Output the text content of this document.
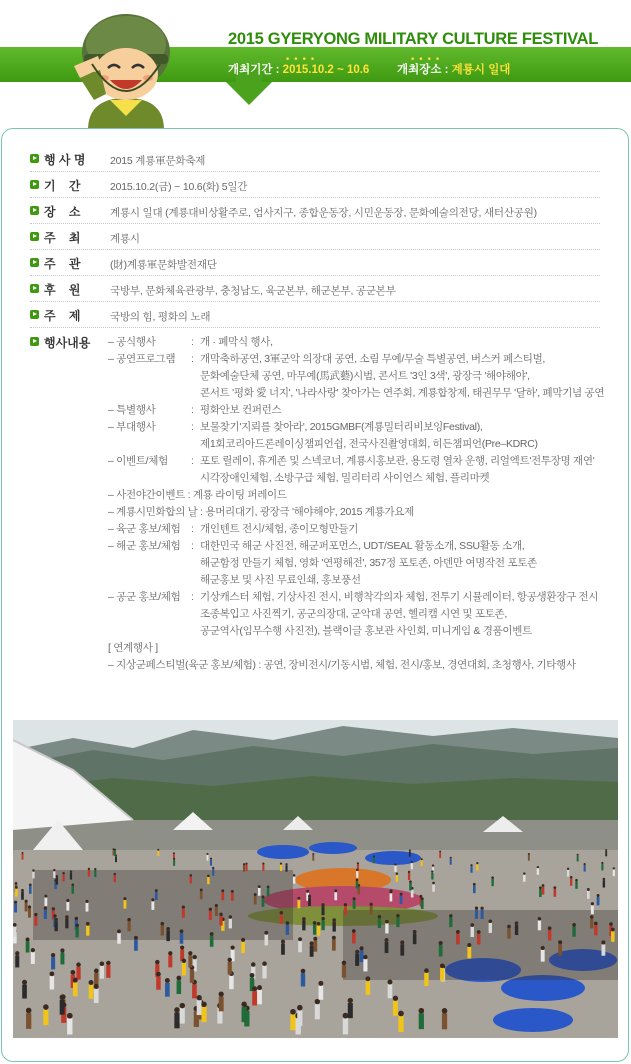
2015 GYERYONG MILITARY CULTURE FESTIVAL
••••	••••
개최기간 : 2015.10.2 ~ 10.6 개최장소 : 계룡시 일대
행 사 명 2015 계룡軍문화축제
기    간	2015.10.2(금) ~ 10.6(화) 5일간
장    소	계룡시 일대 (계룡대비상활주로, 엄사지구, 종합운동장, 시민운동장, 문화예술의전당, 새터산공원)
주    최	계룡시
주    관	(財)계룡軍문화발전재단
후    원	국방부, 문화체육관광부, 충청남도, 육군본부, 해군본부, 공군본부
주    제	국방의 힘, 평화의 노래
행사내용 – 공식행사	: 개 · 폐막식 행사,
– 공연프로그램 : 개막축하공연, 3軍군악 의장대 공연, 소림 무예/무술 특별공연, 버스커 페스티벌,
문화예술단체 공연, 마무예(馬武藝)시범, 콘서트 '3인 3색', 광장극 '해야해야',
콘서트 '평화 愛 너지', '나라사랑' 찾아가는 연주회, 계룡합창제, 태권무무 '달하', 폐막기념 공연
– 특별행사	: 평화안보 컨퍼런스
– 부대행사	: 보물찾기'지뢰를 찾아라', 2015GMBF(계룡밀터리비보잉Festival),
제1회코리아드론레이싱챔피언쉽, 전국사진촬영대회, 히든챔피언(Pre–KDRC)
– 이벤트/체험 : 포토 릴레이, 휴게존 및 스넥코너, 계룡시홍보관, 용도령 열차 운행, 리얼엑트'전투장명 재연'
시각장애인체험, 소방구급 체험, 밀리터리 사이언스 체험, 플리마켓
– 사전야간이벤트 : 계룡 라이팅 퍼레이드
– 계룡시민화합의 날 : 용머리대기, 광장극 '해야해야', 2015 계룡가요제
– 육군 홍보/체험 : 개인텐트 전시/체험, 종이모형만들기
– 해군 홍보/체험 : 대한민국 해군 사진전, 해군퍼포먼스, UDT/SEAL 활동소개, SSU활동 소개,
해군함정 만들기 체험, 영화 '연평해전', 357정 포토존, 아덴만 여명작전 포토존
해군홍보 및 사진 무료인쇄, 홍보풍선
– 공군 홍보/체험 : 기상캐스터 체험, 기상사진 전시, 비행착각의자 체험, 전투기 시뮬레이터, 항공생환장구 전시
조종복입고 사진찍기, 공군의장대, 군악대 공연, 헬리캠 시연 및 포토존,
공군역사(임무수행 사진전), 블랙이글 홍보관 사인회, 미니게임 & 경품이벤트
[ 연계행사 ]
– 지상군페스티벌(육군 홍보/체험) : 공연, 장비전시/기동시범, 체험, 전시/홍보, 경연대회, 초청행사, 기타행사
